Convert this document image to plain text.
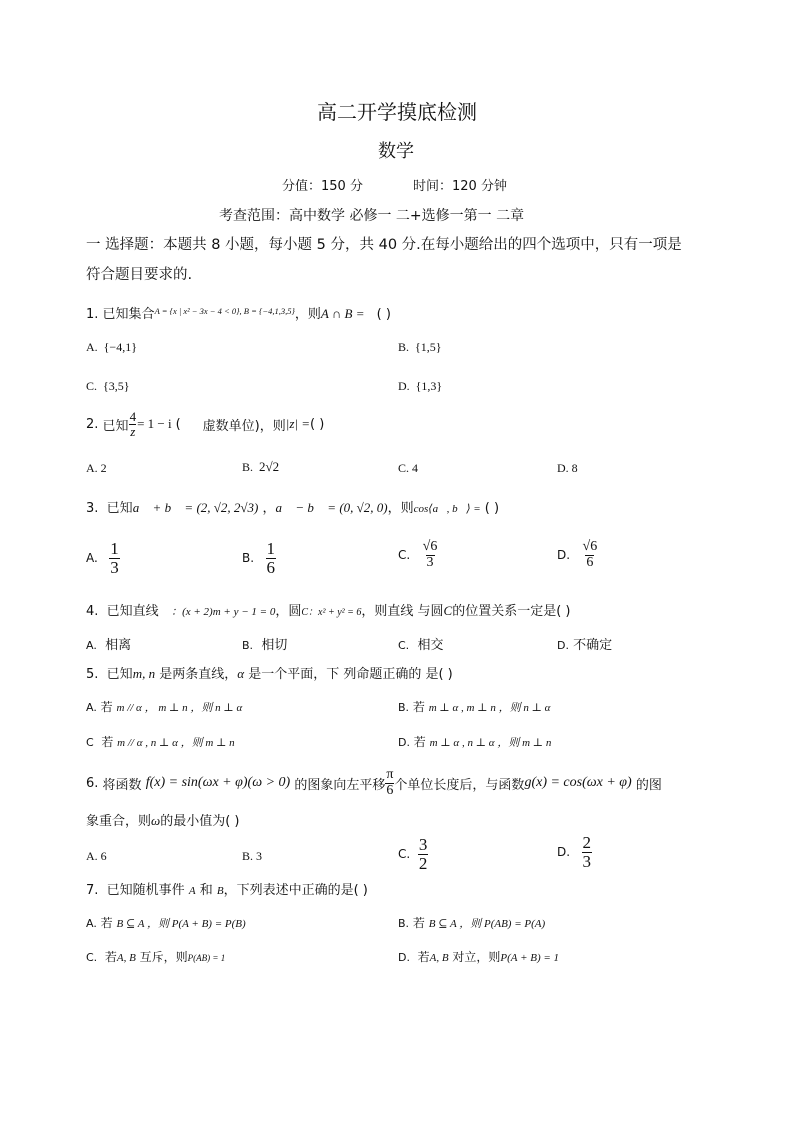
高二开学摸底检测
数学
分值：150 分	时间：120 分钟
考查范围：高中数学 必修一 二+选修一第一 二章
一 选择题：本题共 8 小题，每小题 5 分，共 40 分.在每小题给出的四个选项中，只有一项是
符合题目要求的.
1. 已知集合$^{A = \{x | x^2 - 3x - 4 < 0\}, B = \{-4,1,3,5\}}$，则A ∩ B = ( )
A. {−4,1}	B. {1,5}
C. {3,5}	D. {1,3}
2.
已知 $\frac{4}{z} = 1 - i$ ( 虚数单位)，则 |z| = ( )
A. 2	B. 2√2	C. 4	D. 8
3. 已知a⃗ + b⃗ = (2, √2, 2√3) ，a⃗ − b⃗ = (0, √2, 0)，则cos⟨a⃗, b⃗⟩ = ( )
A.
$\frac{1}{3}$	B.
$\frac{1}{6}$	C.
$\frac{√6}{3}$	D.
$\frac{√6}{6}$
4. 已知直线 ：(x + 2)m + y − 1 = 0，圆C：x² + y² = 6，则直线 与圆C的位置关系一定是( )
A. 相离	B. 相切	C. 相交	D. 不确定
5. 已知m, n 是两条直线，α 是一个平面，下 列命题正确的 是( )
A. 若 m // α ， m ⊥ n ，则 n ⊥ α	B. 若 m ⊥ α , m ⊥ n ，则 n ⊥ α
C 若 m // α , n ⊥ α ，则 m ⊥ n	D. 若 m ⊥ α , n ⊥ α ，则 m ⊥ n
6.
将函数
f(x) = sin(ωx + φ)(ω > 0)
的图象向左平移 $\frac{\pi}{6}$ 个单位长度后，与函数 g(x) = cos(ωx + φ)
的图
象重合，则ω的最小值为( )
A. 6	B. 3	C.
$\frac{3}{2}$	D.
$\frac{2}{3}$
7. 已知随机事件 A 和 B，下列表述中正确的是( )
A. 若 B ⊆ A ，则 P(A + B) = P(B)	B. 若 B ⊆ A ，则 P(AB) = P(A)
C. 若A, B 互斥，则P(AB) = 1	D. 若A, B 对立，则P(A + B) = 1
